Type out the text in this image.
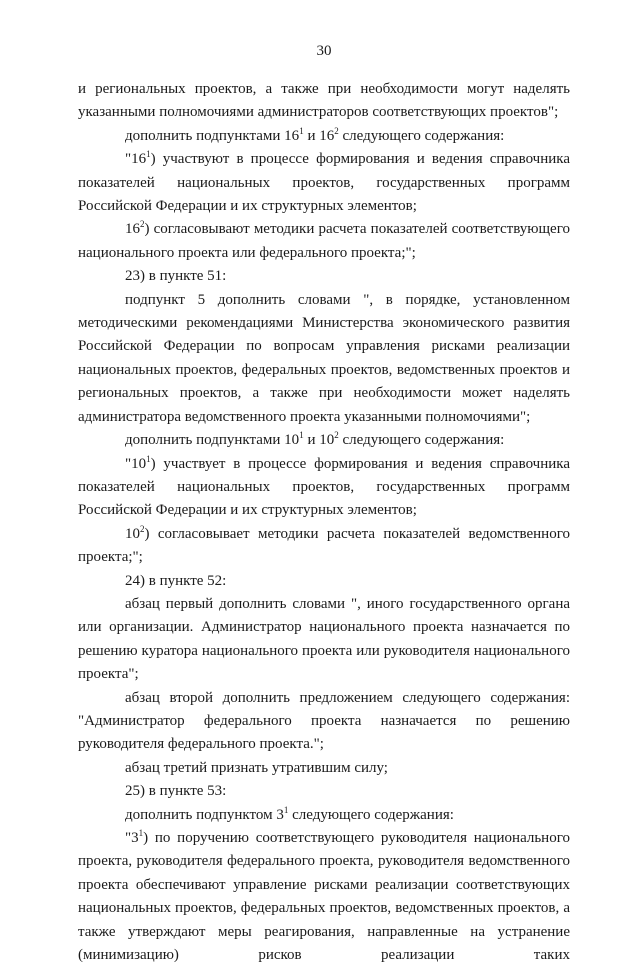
30

и региональных проектов, а также при необходимости могут наделять указанными полномочиями администраторов соответствующих проектов";

дополнить подпунктами $16^1$ и $16^2$ следующего содержания:

"$16^1$) участвуют в процессе формирования и ведения справочника показателей национальных проектов, государственных программ Российской Федерации и их структурных элементов;

$16^2$) согласовывают методики расчета показателей соответствующего национального проекта или федерального проекта;";

23) в пункте 51:

подпункт 5 дополнить словами ", в порядке, установленном методическими рекомендациями Министерства экономического развития Российской Федерации по вопросам управления рисками реализации национальных проектов, федеральных проектов, ведомственных проектов и региональных проектов, а также при необходимости может наделять администратора ведомственного проекта указанными полномочиями";

дополнить подпунктами $10^1$ и $10^2$ следующего содержания:

"$10^1$) участвует в процессе формирования и ведения справочника показателей национальных проектов, государственных программ Российской Федерации и их структурных элементов;

$10^2$) согласовывает методики расчета показателей ведомственного проекта;";

24) в пункте 52:

абзац первый дополнить словами ", иного государственного органа или организации. Администратор национального проекта назначается по решению куратора национального проекта или руководителя национального проекта";

абзац второй дополнить предложением следующего содержания: "Администратор федерального проекта назначается по решению руководителя федерального проекта.";

абзац третий признать утратившим силу;

25) в пункте 53:

дополнить подпунктом $3^1$ следующего содержания:

"$3^1$) по поручению соответствующего руководителя национального проекта, руководителя федерального проекта, руководителя ведомственного проекта обеспечивают управление рисками реализации соответствующих национальных проектов, федеральных проектов, ведомственных проектов, а также утверждают меры реагирования, направленные на устранение (минимизацию) рисков реализации таких
